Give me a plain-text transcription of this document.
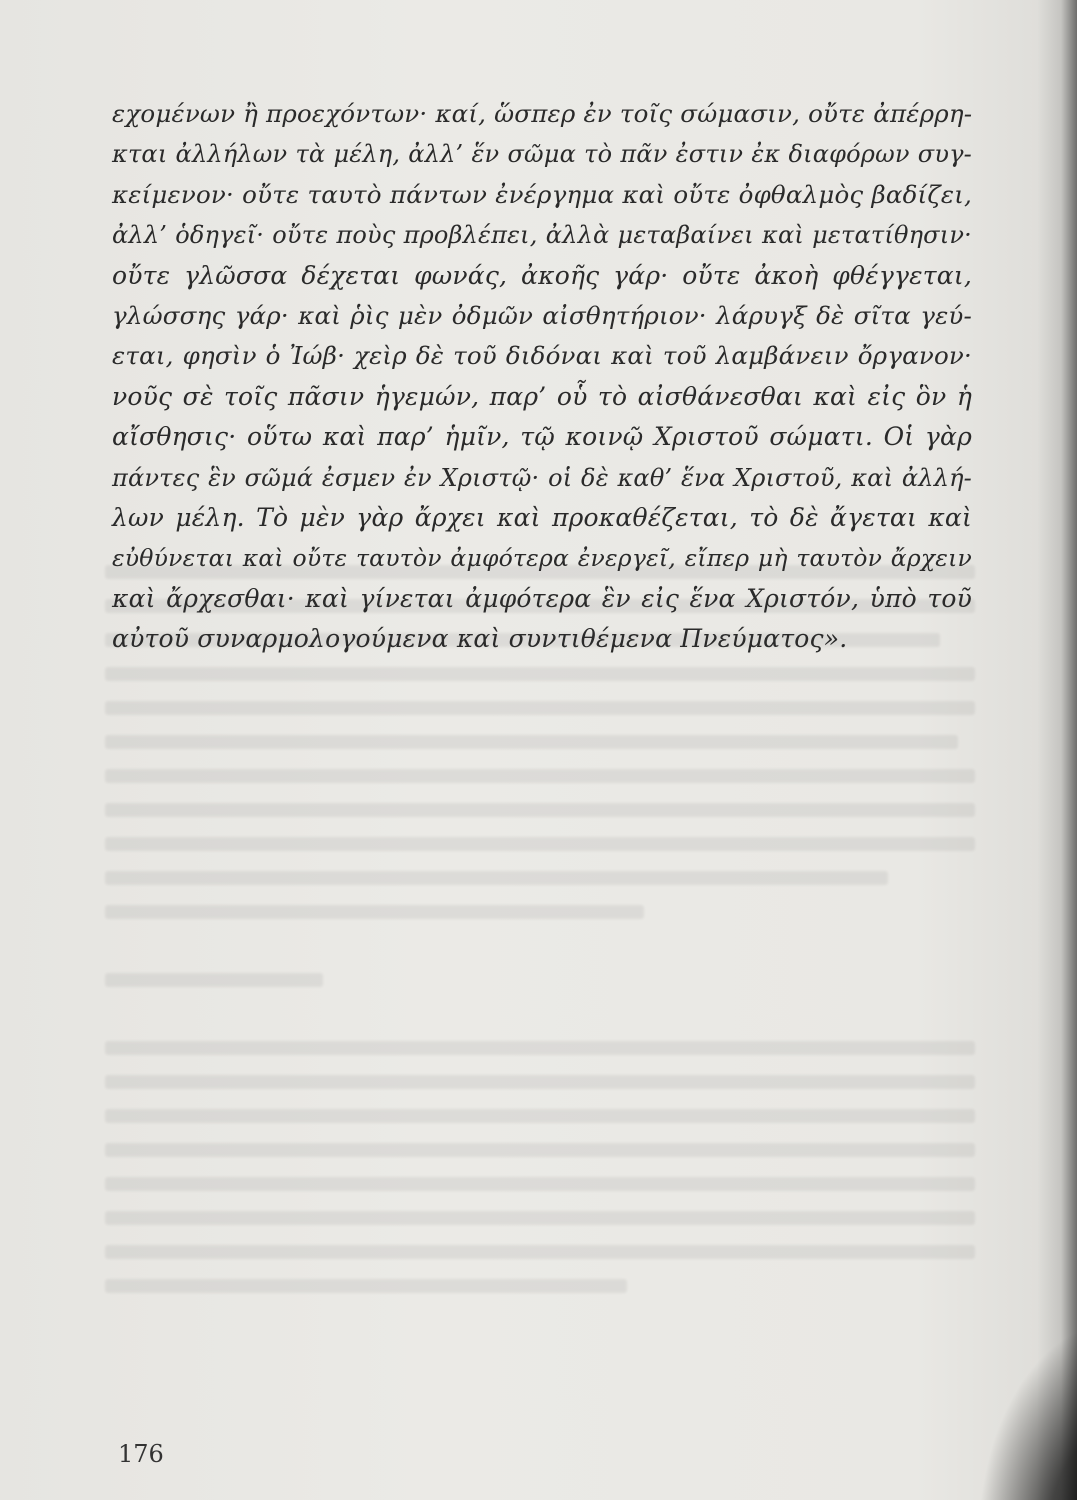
εχομένων ἢ προεχόντων· καί, ὥσπερ ἐν τοῖς σώμασιν, οὔτε ἀπέρρη-
κται ἀλλήλων τὰ μέλη, ἀλλ’ ἕν σῶμα τὸ πᾶν ἐστιν ἐκ διαφόρων συγ-
κείμενον· οὔτε ταυτὸ πάντων ἐνέργημα καὶ οὔτε ὀφθαλμὸς βαδίζει,
ἀλλ’ ὁδηγεῖ· οὔτε ποὺς προβλέπει, ἀλλὰ μεταβαίνει καὶ μετατίθησιν·
οὔτε γλῶσσα δέχεται φωνάς, ἀκοῆς γάρ· οὔτε ἀκοὴ φθέγγεται,
γλώσσης γάρ· καὶ ῥὶς μὲν ὀδμῶν αἰσθητήριον· λάρυγξ δὲ σῖτα γεύ-
εται, φησὶν ὁ Ἰώβ· χεὶρ δὲ τοῦ διδόναι καὶ τοῦ λαμβάνειν ὄργανον·
νοῦς σὲ τοῖς πᾶσιν ἡγεμών, παρ’ οὗ τὸ αἰσθάνεσθαι καὶ εἰς ὃν ἡ
αἴσθησις· οὕτω καὶ παρ’ ἡμῖν, τῷ κοινῷ Χριστοῦ σώματι. Οἱ γὰρ
πάντες ἓν σῶμά ἐσμεν ἐν Χριστῷ· οἱ δὲ καθ’ ἕνα Χριστοῦ, καὶ ἀλλή-
λων μέλη. Τὸ μὲν γὰρ ἄρχει καὶ προκαθέζεται, τὸ δὲ ἄγεται καὶ
εὐθύνεται καὶ οὔτε ταυτὸν ἀμφότερα ἐνεργεῖ, εἴπερ μὴ ταυτὸν ἄρχειν
καὶ ἄρχεσθαι· καὶ γίνεται ἀμφότερα ἓν εἰς ἕνα Χριστόν, ὑπὸ τοῦ
αὐτοῦ συναρμολογούμενα καὶ συντιθέμενα Πνεύματος».

176
